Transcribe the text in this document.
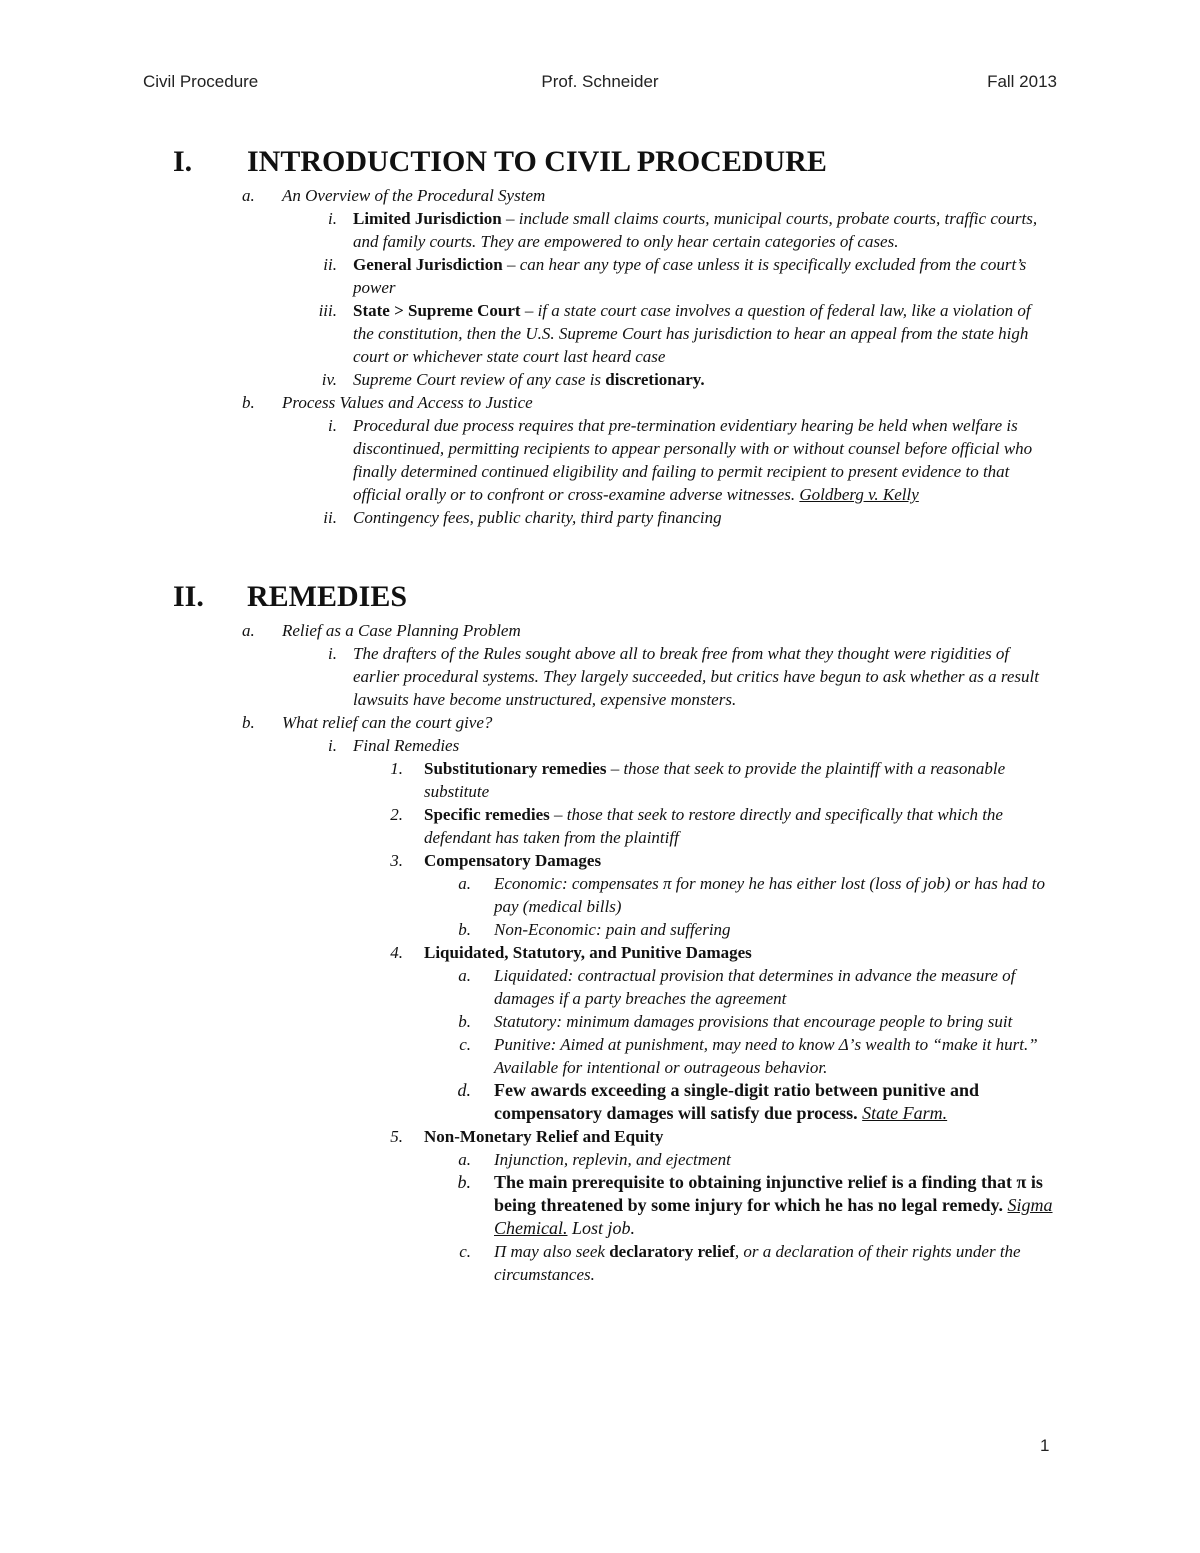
Civil Procedure	Prof. Schneider	Fall 2013
I. INTRODUCTION TO CIVIL PROCEDURE
a.	An Overview of the Procedural System
i. Limited Jurisdiction – include small claims courts, municipal courts, probate courts, traffic courts, and family courts. They are empowered to only hear certain categories of cases.
ii. General Jurisdiction – can hear any type of case unless it is specifically excluded from the court’s power
iii. State > Supreme Court – if a state court case involves a question of federal law, like a violation of the constitution, then the U.S. Supreme Court has jurisdiction to hear an appeal from the state high court or whichever state court last heard case
iv. Supreme Court review of any case is discretionary.
b.	Process Values and Access to Justice
i. Procedural due process requires that pre-termination evidentiary hearing be held when welfare is discontinued, permitting recipients to appear personally with or without counsel before official who finally determined continued eligibility and failing to permit recipient to present evidence to that official orally or to confront or cross-examine adverse witnesses. Goldberg v. Kelly
ii. Contingency fees, public charity, third party financing
II. REMEDIES
a.	Relief as a Case Planning Problem
i. The drafters of the Rules sought above all to break free from what they thought were rigidities of earlier procedural systems. They largely succeeded, but critics have begun to ask whether as a result lawsuits have become unstructured, expensive monsters.
b.	What relief can the court give?
i. Final Remedies
1. Substitutionary remedies – those that seek to provide the plaintiff with a reasonable substitute
2. Specific remedies – those that seek to restore directly and specifically that which the defendant has taken from the plaintiff
3. Compensatory Damages
a. Economic: compensates π for money he has either lost (loss of job) or has had to pay (medical bills)
b. Non-Economic: pain and suffering
4. Liquidated, Statutory, and Punitive Damages
a. Liquidated: contractual provision that determines in advance the measure of damages if a party breaches the agreement
b. Statutory: minimum damages provisions that encourage people to bring suit
c. Punitive: Aimed at punishment, may need to know Δ’s wealth to “make it hurt.” Available for intentional or outrageous behavior.
d. Few awards exceeding a single-digit ratio between punitive and compensatory damages will satisfy due process. State Farm.
5. Non-Monetary Relief and Equity
a. Injunction, replevin, and ejectment
b. The main prerequisite to obtaining injunctive relief is a finding that π is being threatened by some injury for which he has no legal remedy. Sigma Chemical. Lost job.
c. Π may also seek declaratory relief, or a declaration of their rights under the circumstances.
1
